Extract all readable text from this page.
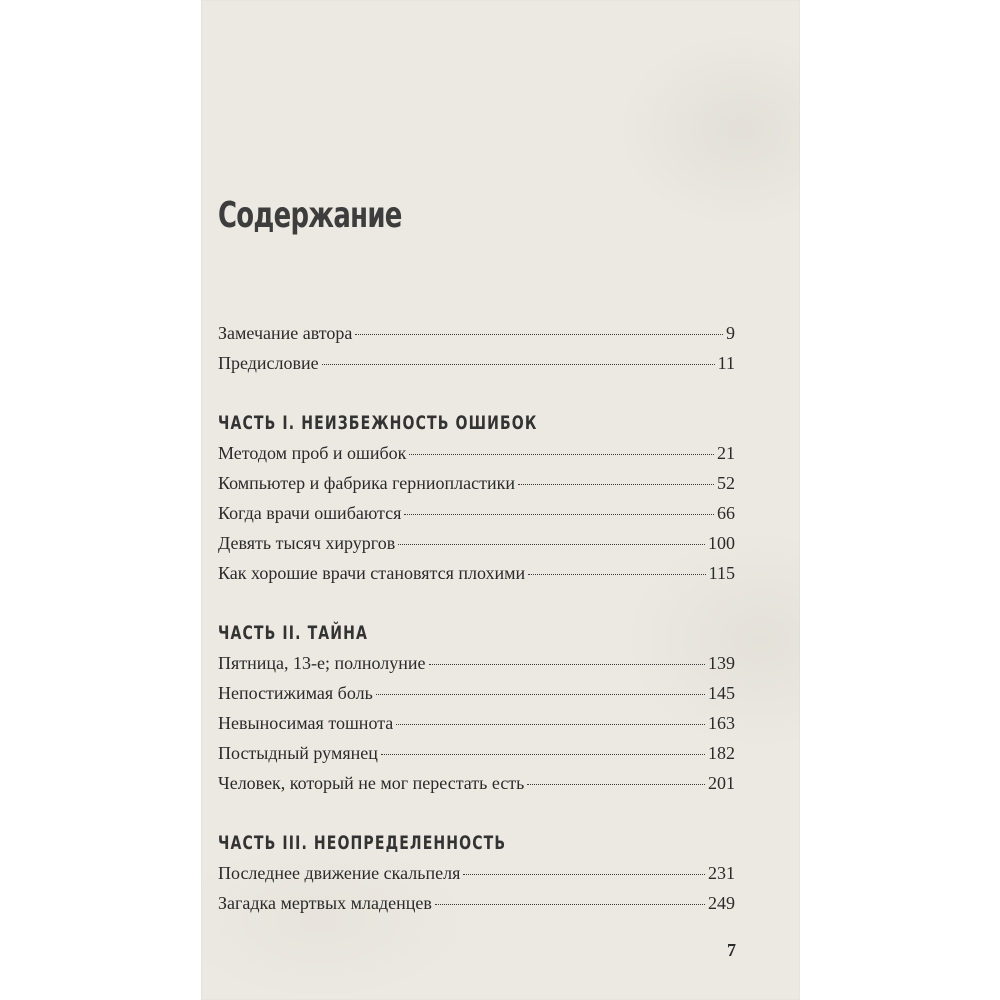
Содержание
Замечание автора	9
Предисловие	11
ЧАСТЬ I. НЕИЗБЕЖНОСТЬ ОШИБОК
Методом проб и ошибок	21
Компьютер и фабрика герниопластики	52
Когда врачи ошибаются	66
Девять тысяч хирургов	100
Как хорошие врачи становятся плохими	115
ЧАСТЬ II. ТАЙНА
Пятница, 13-е; полнолуние	139
Непостижимая боль	145
Невыносимая тошнота	163
Постыдный румянец	182
Человек, который не мог перестать есть	201
ЧАСТЬ III. НЕОПРЕДЕЛЕННОСТЬ
Последнее движение скальпеля	231
Загадка мертвых младенцев	249
7
